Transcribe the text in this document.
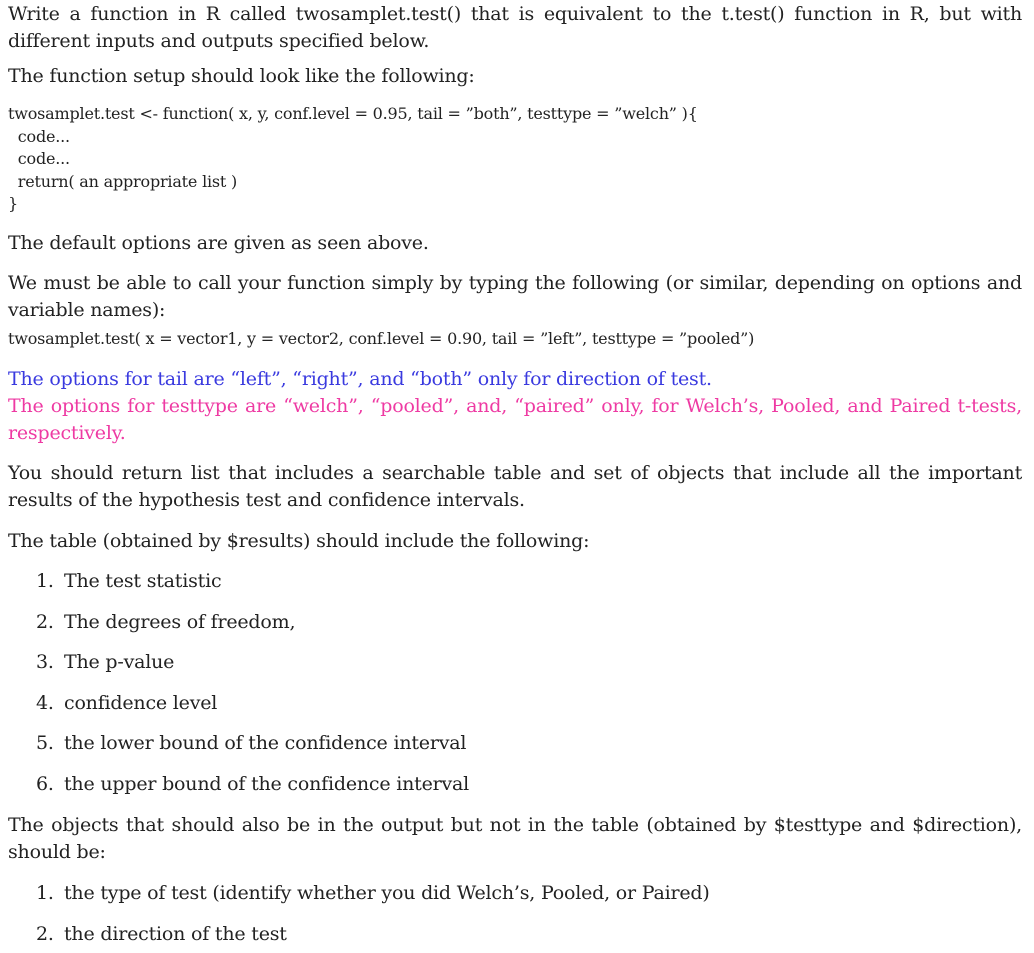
Write a function in R called twosamplet.test() that is equivalent to the t.test() function in R, but with different inputs and outputs specified below.

The function setup should look like the following:

twosamplet.test <- function( x, y, conf.level = 0.95, tail = ”both”, testtype = ”welch” ){
code...
code...
return( an appropriate list )
}

The default options are given as seen above.

We must be able to call your function simply by typing the following (or similar, depending on options and variable names):

twosamplet.test( x = vector1, y = vector2, conf.level = 0.90, tail = ”left”, testtype = ”pooled”)

The options for tail are “left”, “right”, and “both” only for direction of test.

The options for testtype are “welch”, “pooled”, and, “paired” only, for Welch’s, Pooled, and Paired t-tests, respectively.

You should return list that includes a searchable table and set of objects that include all the important results of the hypothesis test and confidence intervals.

The table (obtained by $results) should include the following:

1. The test statistic
2. The degrees of freedom,
3. The p-value
4. confidence level
5. the lower bound of the confidence interval
6. the upper bound of the confidence interval

The objects that should also be in the output but not in the table (obtained by $testtype and $direction), should be:

1. the type of test (identify whether you did Welch’s, Pooled, or Paired)
2. the direction of the test
